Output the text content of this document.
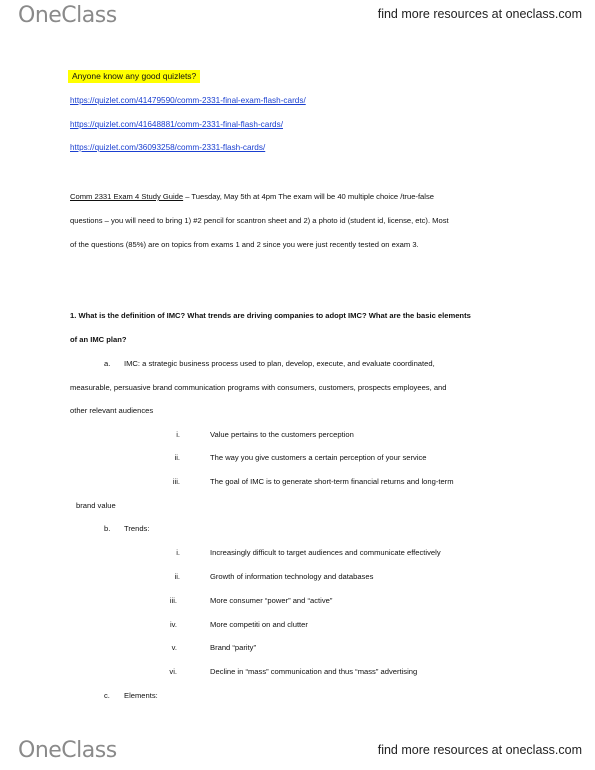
OneClass	find more resources at oneclass.com
Anyone know any good quizlets?
https://quizlet.com/41479590/comm-2331-final-exam-flash-cards/
https://quizlet.com/41648881/comm-2331-final-flash-cards/
https://quizlet.com/36093258/comm-2331-flash-cards/
Comm 2331 Exam 4 Study Guide – Tuesday, May 5th at 4pm The exam will be 40 multiple choice /true-false
questions – you will need to bring 1) #2 pencil for scantron sheet and 2) a photo id (student id, license, etc). Most
of the questions (85%) are on topics from exams 1 and 2 since you were just recently tested on exam 3.
1. What is the definition of IMC? What trends are driving companies to adopt IMC? What are the basic elements
of an IMC plan?
a. IMC: a strategic business process used to plan, develop, execute, and evaluate coordinated,
measurable, persuasive brand communication programs with consumers, customers, prospects employees, and
other relevant audiences
i.	Value pertains to the customers perception
ii.	The way you give customers a certain perception of your service
iii.	The goal of IMC is to generate short-term financial returns and long-term
brand value
b. Trends:
i.	Increasingly difficult to target audiences and communicate effectively
ii.	Growth of information technology and databases
iii.	More consumer “power” and “active”
iv.	More competiti on and clutter
v.	Brand “parity”
vi.	Decline in “mass” communication and thus “mass” advertising
c. Elements:
OneClass	find more resources at oneclass.com
